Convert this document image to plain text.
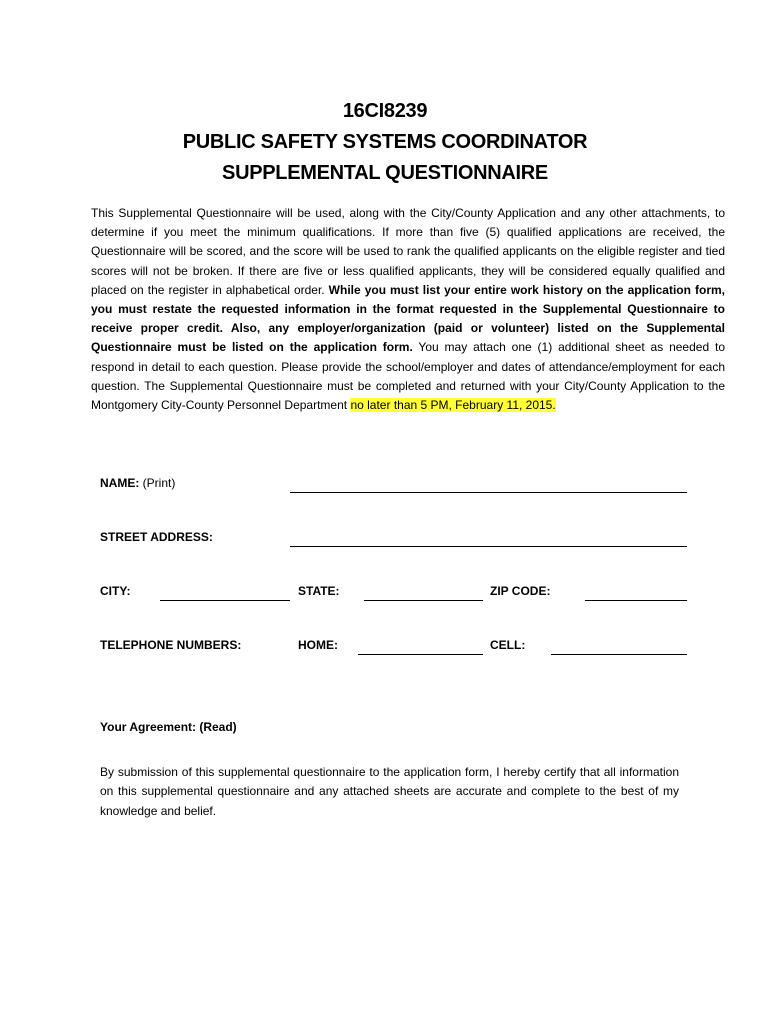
16CI8239
PUBLIC SAFETY SYSTEMS COORDINATOR
SUPPLEMENTAL QUESTIONNAIRE
This Supplemental Questionnaire will be used, along with the City/County Application and any other attachments, to determine if you meet the minimum qualifications. If more than five (5) qualified applications are received, the Questionnaire will be scored, and the score will be used to rank the qualified applicants on the eligible register and tied scores will not be broken. If there are five or less qualified applicants, they will be considered equally qualified and placed on the register in alphabetical order. While you must list your entire work history on the application form, you must restate the requested information in the format requested in the Supplemental Questionnaire to receive proper credit. Also, any employer/organization (paid or volunteer) listed on the Supplemental Questionnaire must be listed on the application form. You may attach one (1) additional sheet as needed to respond in detail to each question. Please provide the school/employer and dates of attendance/employment for each question. The Supplemental Questionnaire must be completed and returned with your City/County Application to the Montgomery City-County Personnel Department no later than 5 PM, February 11, 2015.
NAME: (Print)
STREET ADDRESS:
CITY:	STATE:	ZIP CODE:
TELEPHONE NUMBERS:	HOME:	CELL:
Your Agreement: (Read)
By submission of this supplemental questionnaire to the application form, I hereby certify that all information on this supplemental questionnaire and any attached sheets are accurate and complete to the best of my knowledge and belief.
